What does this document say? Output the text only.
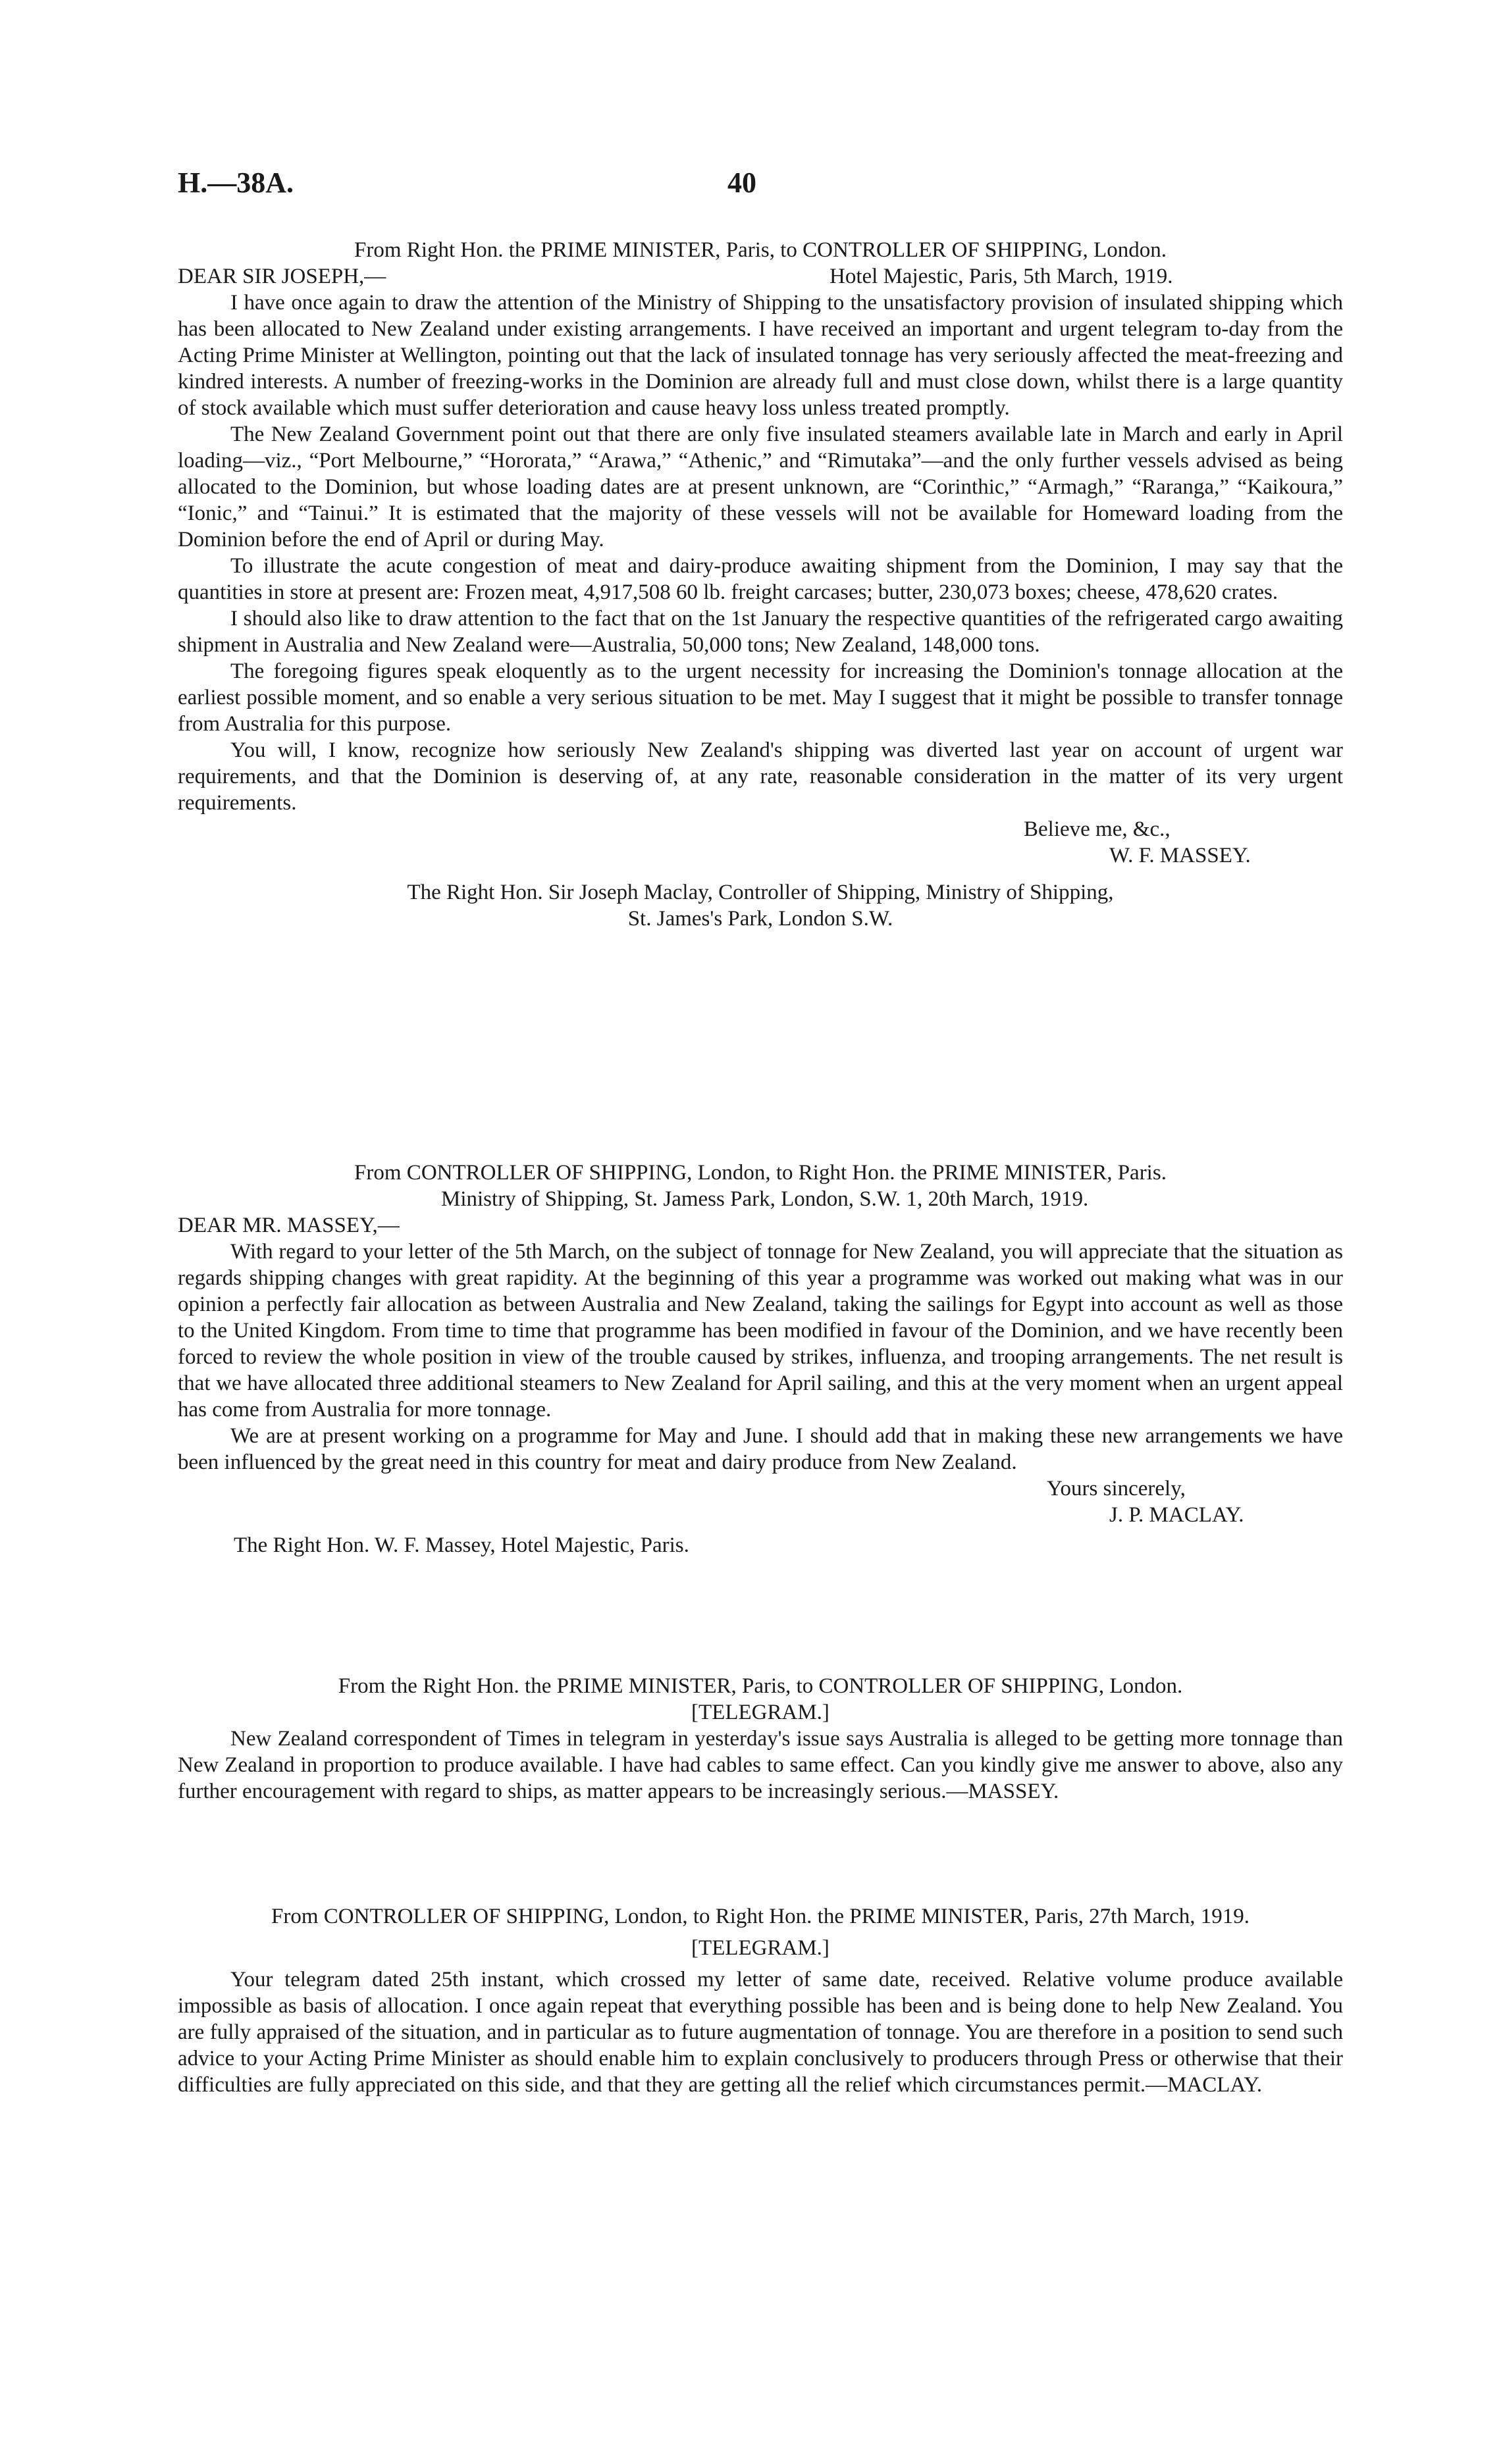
H.—38A.	40

From Right Hon. the PRIME MINISTER, Paris, to CONTROLLER OF SHIPPING, London.

DEAR SIR JOSEPH,—	Hotel Majestic, Paris, 5th March, 1919.

I have once again to draw the attention of the Ministry of Shipping to the unsatisfactory provision of insulated shipping which has been allocated to New Zealand under existing arrangements. I have received an important and urgent telegram to-day from the Acting Prime Minister at Wellington, pointing out that the lack of insulated tonnage has very seriously affected the meat-freezing and kindred interests. A number of freezing-works in the Dominion are already full and must close down, whilst there is a large quantity of stock available which must suffer deterioration and cause heavy loss unless treated promptly.

The New Zealand Government point out that there are only five insulated steamers available late in March and early in April loading—viz., “Port Melbourne,” “Hororata,” “Arawa,” “Athenic,” and “Rimutaka”—and the only further vessels advised as being allocated to the Dominion, but whose loading dates are at present unknown, are “Corinthic,” “Armagh,” “Raranga,” “Kaikoura,” “Ionic,” and “Tainui.” It is estimated that the majority of these vessels will not be available for Homeward loading from the Dominion before the end of April or during May.

To illustrate the acute congestion of meat and dairy-produce awaiting shipment from the Dominion, I may say that the quantities in store at present are: Frozen meat, 4,917,508 60 lb. freight carcases; butter, 230,073 boxes; cheese, 478,620 crates.

I should also like to draw attention to the fact that on the 1st January the respective quantities of the refrigerated cargo awaiting shipment in Australia and New Zealand were—Australia, 50,000 tons; New Zealand, 148,000 tons.

The foregoing figures speak eloquently as to the urgent necessity for increasing the Dominion's tonnage allocation at the earliest possible moment, and so enable a very serious situation to be met. May I suggest that it might be possible to transfer tonnage from Australia for this purpose.

You will, I know, recognize how seriously New Zealand's shipping was diverted last year on account of urgent war requirements, and that the Dominion is deserving of, at any rate, reasonable consideration in the matter of its very urgent requirements.

Believe me, &c.,

W. F. MASSEY.

The Right Hon. Sir Joseph Maclay, Controller of Shipping, Ministry of Shipping,

St. James's Park, London S.W.

From CONTROLLER OF SHIPPING, London, to Right Hon. the PRIME MINISTER, Paris.

Ministry of Shipping, St. Jamess Park, London, S.W. 1, 20th March, 1919.

DEAR MR. MASSEY,—

With regard to your letter of the 5th March, on the subject of tonnage for New Zealand, you will appreciate that the situation as regards shipping changes with great rapidity. At the beginning of this year a programme was worked out making what was in our opinion a perfectly fair allocation as between Australia and New Zealand, taking the sailings for Egypt into account as well as those to the United Kingdom. From time to time that programme has been modified in favour of the Dominion, and we have recently been forced to review the whole position in view of the trouble caused by strikes, influenza, and trooping arrangements. The net result is that we have allocated three additional steamers to New Zealand for April sailing, and this at the very moment when an urgent appeal has come from Australia for more tonnage.

We are at present working on a programme for May and June. I should add that in making these new arrangements we have been influenced by the great need in this country for meat and dairy produce from New Zealand.

Yours sincerely,

J. P. MACLAY.

The Right Hon. W. F. Massey, Hotel Majestic, Paris.

From the Right Hon. the PRIME MINISTER, Paris, to CONTROLLER OF SHIPPING, London.

[TELEGRAM.]

New Zealand correspondent of Times in telegram in yesterday's issue says Australia is alleged to be getting more tonnage than New Zealand in proportion to produce available. I have had cables to same effect. Can you kindly give me answer to above, also any further encouragement with regard to ships, as matter appears to be increasingly serious.—MASSEY.

From CONTROLLER OF SHIPPING, London, to Right Hon. the PRIME MINISTER, Paris, 27th March, 1919.

[TELEGRAM.]

Your telegram dated 25th instant, which crossed my letter of same date, received. Relative volume produce available impossible as basis of allocation. I once again repeat that everything possible has been and is being done to help New Zealand. You are fully appraised of the situation, and in particular as to future augmentation of tonnage. You are therefore in a position to send such advice to your Acting Prime Minister as should enable him to explain conclusively to producers through Press or otherwise that their difficulties are fully appreciated on this side, and that they are getting all the relief which circumstances permit.—MACLAY.
